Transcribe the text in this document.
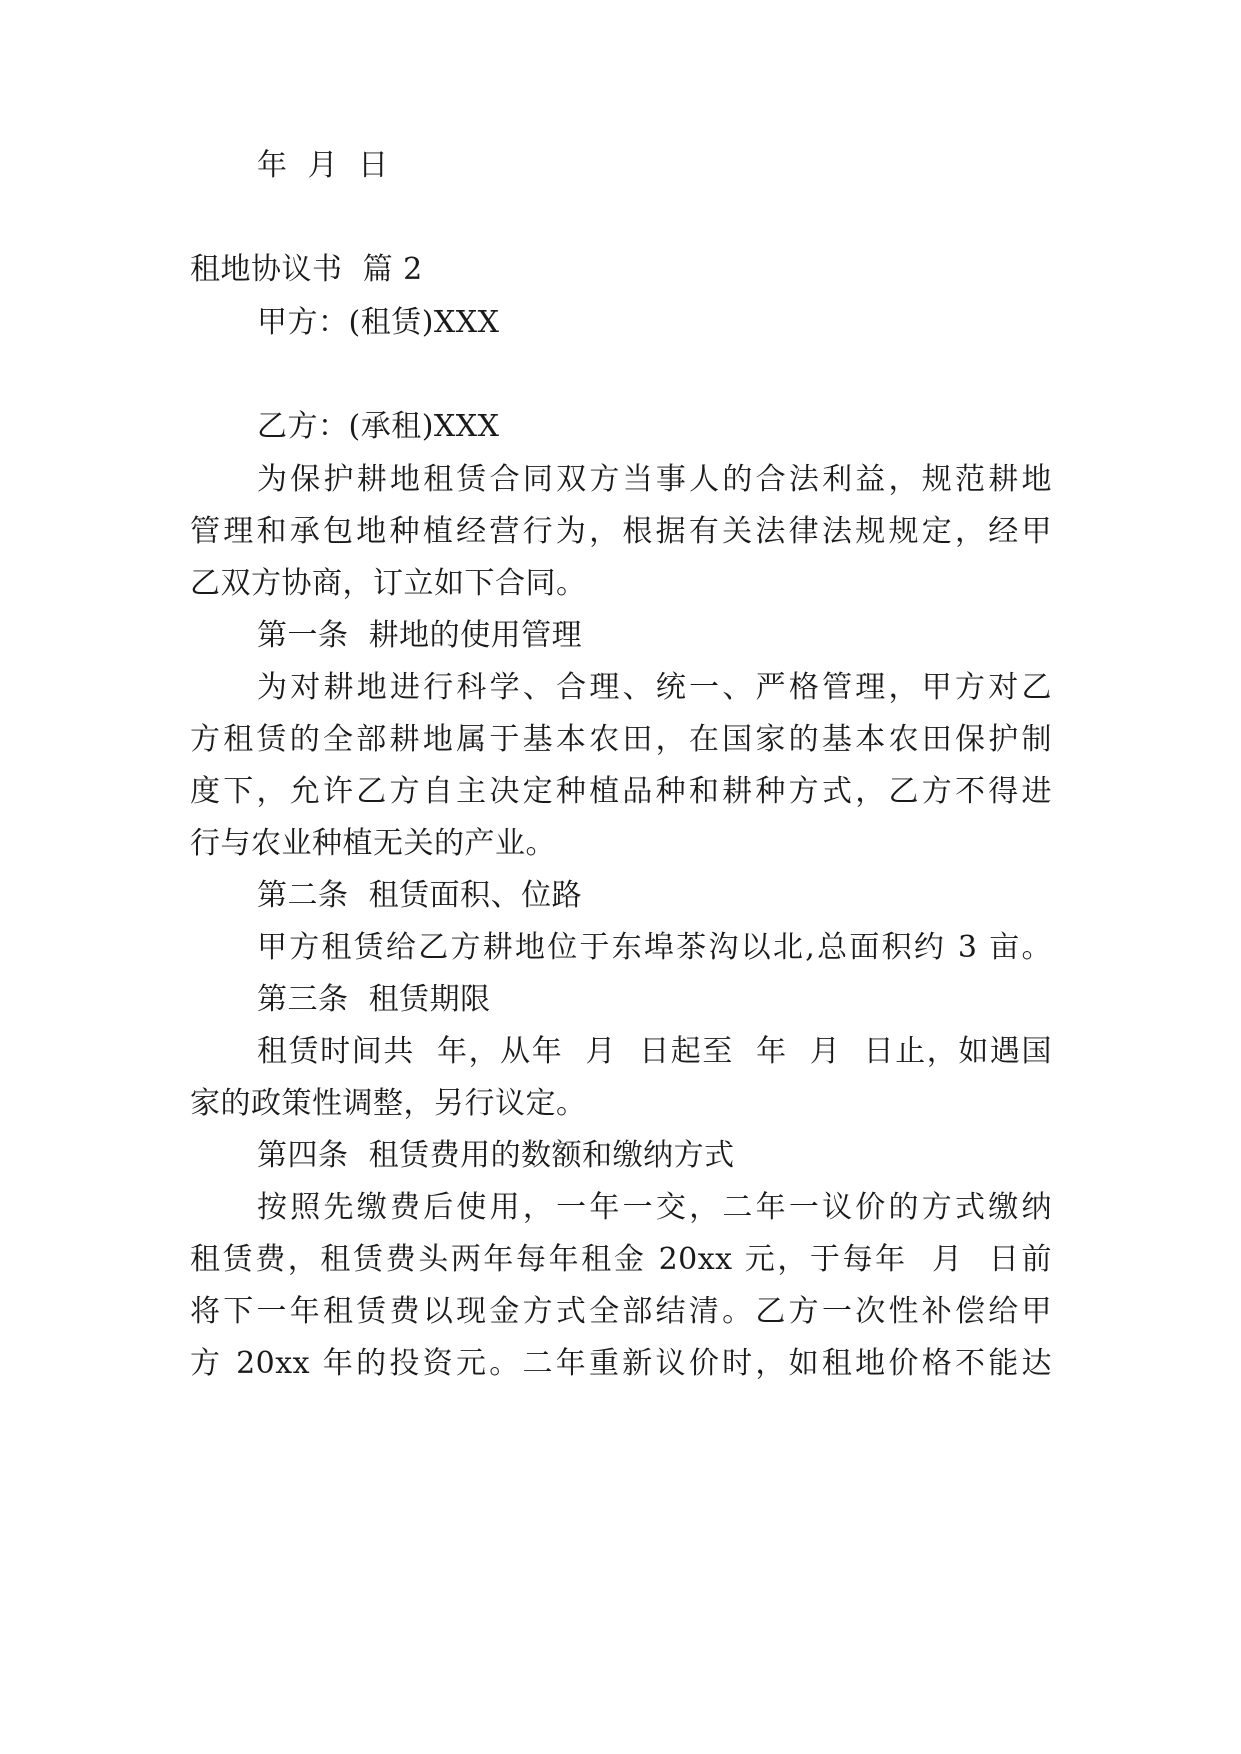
年  月  日
租地协议书  篇 2
甲方：(租赁)XXX
乙方：(承租)XXX
为保护耕地租赁合同双方当事人的合法利益，规范耕地
管理和承包地种植经营行为，根据有关法律法规规定，经甲
乙双方协商，订立如下合同。
第一条  耕地的使用管理
为对耕地进行科学、合理、统一、严格管理，甲方对乙
方租赁的全部耕地属于基本农田，在国家的基本农田保护制
度下，允许乙方自主决定种植品种和耕种方式，乙方不得进
行与农业种植无关的产业。
第二条  租赁面积、位路
甲方租赁给乙方耕地位于东埠茶沟以北,总面积约 3 亩。
第三条  租赁期限
租赁时间共  年，从年  月  日起至  年  月  日止，如遇国
家的政策性调整，另行议定。
第四条  租赁费用的数额和缴纳方式
按照先缴费后使用，一年一交，二年一议价的方式缴纳
租赁费，租赁费头两年每年租金 20xx 元，于每年  月  日前
将下一年租赁费以现金方式全部结清。乙方一次性补偿给甲
方 20xx 年的投资元。二年重新议价时，如租地价格不能达
